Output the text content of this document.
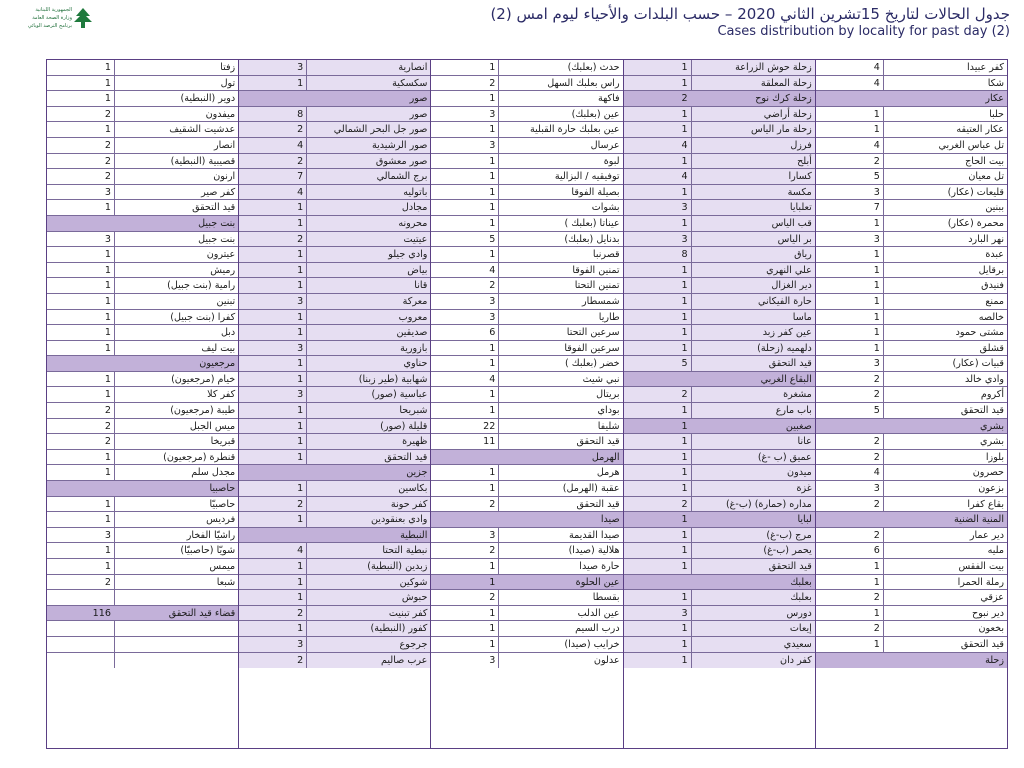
الجمهورية اللبنانية
وزارة الصحة العامة
برنامج الترصد الوبائي
جدول الحالات لتاريخ 15تشرين الثاني 2020 – حسب البلدات والأحياء ليوم امس (2)
Cases distribution by locality for past day (2)
كفر عبيدا
4
شكا
4
عكار
حلبا
1
عكار العتيقه
1
تل عباس الغربي
4
بيت الحاج
2
تل معيان
5
قليعات (عكار)
3
ببنين
7
محمرة (عكار)
1
نهر البارد
3
عبدة
1
برقايل
1
فنيدق
1
ممنع
1
خالصه
1
مشتى حمود
1
قشلق
1
قبيات (عكار)
3
وادي خالد
2
أكروم
2
قيد التحقق
5
بشري
بشري
2
بلوزا
2
حصرون
4
بزعون
3
بقاع كفرا
2
المنية الضنية
دير عمار
2
مليه
6
بيت الفقس
1
رملة الحمرا
1
عزقي
2
دير نبوح
1
بخعون
2
قيد التحقق
1
زحلة
زحلة حوش الزراعة
1
زحلة المعلقة
1
زحلة كرك نوح
2
زحلة أراضي
1
زحلة مار الياس
1
فرزل
4
أبلح
1
كسارا
4
مكسة
1
تعلبايا
3
قب الياس
1
بر الياس
3
رياق
8
علي النهري
1
دير الغزال
1
حارة الفيكاني
1
ماسا
1
عين كفر زبد
1
دلهميه (زحلة)
1
قيد التحقق
5
البقاع الغربي
مشغرة
2
باب مارع
1
صغبين
1
عانا
1
عميق (ب -غ)
1
ميدون
1
غزة
1
مداره (حمارة) (ب-غ)
2
لبايا
1
مرج (ب-غ)
1
يحمر (ب-غ)
1
قيد التحقق
1
بعلبك
بعلبك
1
دورس
3
إيعات
1
سعيدي
1
كفر دان
1
حدث (بعلبك)
1
راس بعلبك السهل
2
فاكهة
1
عين (بعلبك)
3
عين بعلبك حارة القبلية
1
عرسال
3
لبوة
1
توفيقيه / البزالية
1
بصيلة الفوقا
1
بشوات
1
عيناتا (بعلبك )
1
بدنايل (بعلبك)
5
قصرنبا
1
تمنين الفوقا
4
تمنين التحتا
2
شمسطار
3
طاريا
3
سرعين التحتا
6
سرعين الفوقا
1
خضر (بعلبك )
1
نبي شيث
4
بريتال
1
بوداي
1
شليفا
22
قيد التحقق
11
الهرمل
هرمل
1
عقبة (الهرمل)
1
قيد التحقق
2
صيدا
صيدا القديمة
3
هلالية (صيدا)
2
حارة صيدا
1
عين الحلوة
1
بقسطا
2
عين الدلب
1
درب السيم
1
خرايب (صيدا)
1
عدلون
3
انصارية
3
سكسكية
1
صور
صور
8
صور جل البحر الشمالي
2
صور الرشيدية
4
صور معشوق
2
برج الشمالي
7
باتوليه
4
مجادل
1
محرونه
1
عيتيت
2
وادي جيلو
1
بياض
1
قانا
1
معركة
3
معروب
1
صديقين
1
بازورية
3
حناوي
1
شهابية (طير زبنا)
1
عباسية (صور)
3
شبريحا
1
قليلة (صور)
1
ظهيرة
1
قيد التحقق
1
جزين
بكاسين
1
كفر حونة
2
وادي بعنقودين
1
النبطية
نبطية التحتا
4
زبدين (النبطية)
1
شوكين
1
حبوش
1
كفر تبنيت
2
كفور (النبطية)
1
جرجوع
3
عرب صاليم
2
زفتا
1
تول
1
دوير (النبطية)
1
ميفدون
2
عدشيت الشقيف
1
انصار
2
قصيبية (النبطية)
2
ارنون
2
كفر صير
3
قيد التحقق
1
بنت جبيل
بنت جبيل
3
عيترون
1
رميش
1
رامية (بنت جبيل)
1
تبنين
1
كفرا (بنت جبيل)
1
دبل
1
بيت ليف
1
مرجعيون
خيام (مرجعيون)
1
كفر كلا
1
طيبة (مرجعيون)
2
ميس الجبل
2
قبريخا
2
قنطرة (مرجعيون)
1
مجدل سلم
1
حاصبيا
حاصبيّا
1
فرديس
1
راشيّا الفخار
3
شويّا (حاصبيّا)
1
ميمس
1
شبعا
2
قضاء قيد التحقق
116
